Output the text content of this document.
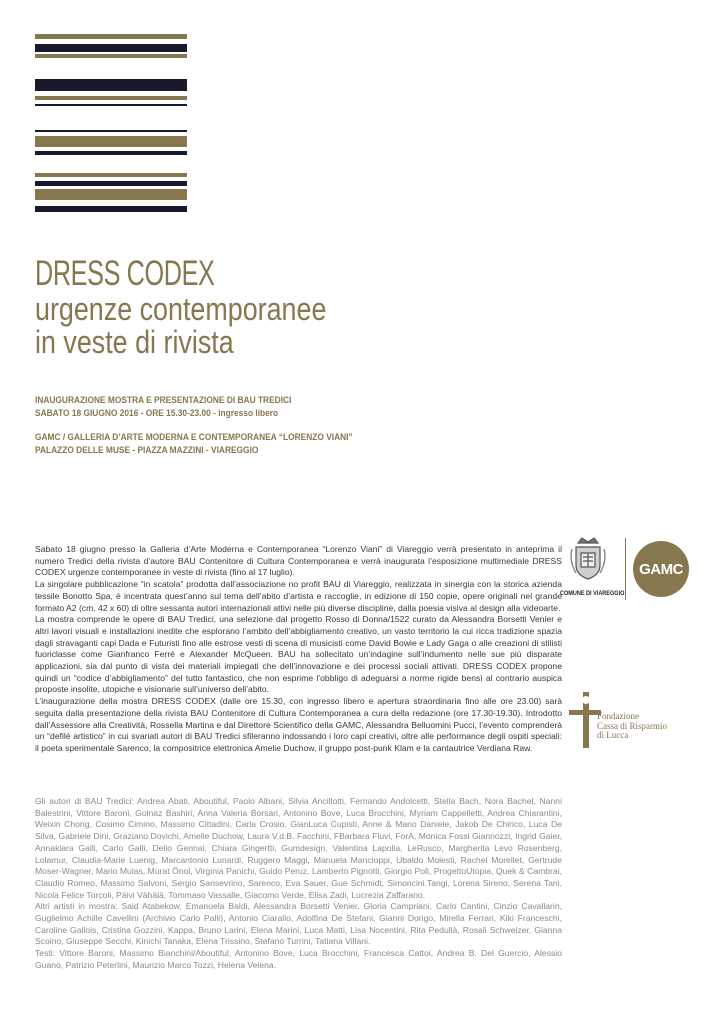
DRESS CODEX
urgenze contemporanee
in veste di rivista
INAUGURAZIONE MOSTRA E PRESENTAZIONE DI BAU TREDICI
SABATO 18 GIUGNO 2016 - ORE 15.30-23.00 - ingresso libero
GAMC / GALLERIA D’ARTE MODERNA E CONTEMPORANEA “LORENZO VIANI”
PALAZZO DELLE MUSE - PIAZZA MAZZINI - VIAREGGIO

Sabato 18 giugno presso la Galleria d’Arte Moderna e Contemporanea “Lorenzo Viani” di Viareggio verrà presentato in anteprima il numero Tredici della rivista d’autore BAU Contenitore di Cultura Contemporanea e verrà inaugurata l’esposizione multimediale DRESS CODEX urgenze contemporanee in veste di rivista (fino al 17 luglio).

La singolare pubblicazione “in scatola” prodotta dall’associazione no profit BAU di Viareggio, realizzata in sinergia con la storica azienda tessile Bonotto Spa, è incentrata quest’anno sul tema dell’abito d’artista e raccoglie, in edizione di 150 copie, opere originali nel grande formato A2 (cm. 42 x 60) di oltre sessanta autori internazionali attivi nelle più diverse discipline, dalla poesia visiva al design alla videoarte.

La mostra comprende le opere di BAU Tredici, una selezione dal progetto Rosso di Donna/1522 curato da Alessandra Borsetti Venier e altri lavori visuali e installazioni inedite che esplorano l’ambito dell’abbigliamento creativo, un vasto territorio la cui ricca tradizione spazia dagli stravaganti capi Dada e Futuristi fino alle estrose vesti di scena di musicisti come David Bowie e Lady Gaga o alle creazioni di stilisti fuoriclasse come Gianfranco Ferré e Alexander McQueen. BAU ha sollecitato un’indagine sull’indumento nelle sue più disparate applicazioni, sia dal punto di vista dei materiali impiegati che dell’innovazione e dei processi sociali attivati. DRESS CODEX propone quindi un “codice d’abbigliamento” del tutto fantastico, che non esprime l’obbligo di adeguarsi a norme rigide bensì al contrario auspica proposte insolite, utopiche e visionarie sull’universo dell’abito.

L’inaugurazione della mostra DRESS CODEX (dalle ore 15.30, con ingresso libero e apertura straordinaria fino alle ore 23.00) sarà seguita dalla presentazione della rivista BAU Contenitore di Cultura Contemporanea a cura della redazione (ore 17.30-19.30). Introdotto dall’Assessore alla Creatività, Rossella Martina e dal Direttore Scientifico della GAMC, Alessandra Belluomini Pucci, l’evento comprenderà un “defilé artistico” in cui svariati autori di BAU Tredici sfileranno indossando i loro capi creativi, oltre alle performance degli ospiti speciali: il poeta sperimentale Sarenco, la compositrice elettronica Amelie Duchow, il gruppo post-punk Klam e la cantautrice Verdiana Raw.

Gli autori di BAU Tredici: Andrea Abati, Aboutiful, Paolo Albani, Silvia Ancillotti, Fernando Andolcetti, Stella Bach, Nora Bachel, Nanni Balestrini, Vittore Baroni, Golnaz Bashiri, Anna Valeria Borsari, Antonino Bove, Luca Brocchini, Myriam Cappelletti, Andrea Chiarantini, Weixin Chong, Cosimo Cimino, Massimo Cittadini, Carla Crosio, GianLuca Cupisti, Anne & Mario Daniele, Jakob De Chirico, Luca De Silva, Gabriele Dini, Graziano Dovichi, Amelie Duchow, Laura V.d.B. Facchini, FBarbara Fluvi, ForA, Monica Fossi Giannozzi, Ingrid Gaier, Annaklara Galli, Carlo Galli, Delio Gennai, Chiara Gingertti, Gumdesign, Valentina Lapolla, LeRusco, Margherita Levo Rosenberg, Lolamur, Claudia-Marie Luenig, Marcantonio Lunardi, Ruggero Maggi, Manuela Mancioppi, Ubaldo Molesti, Rachel Morellet, Gertrude Moser-Wagner, Mario Mulas, Murat Önol, Virginia Panichi, Guido Peruz, Lamberto Pignotti, Giorgio Poli, ProgettoUtopia, Quek & Cambrai, Claudio Romeo, Massimo Salvoni, Sergio Sansevrino, Sarenco, Eva Sauer, Gue Schmidt, Simoncini.Tangi, Lorena Sireno, Serena Tani, Nicola Felice Torcoli, Päivi Vähälä, Tommaso Vassalle, Giacomo Verde, Elisa Zadi, Lucrezia Zaffarano.

Altri artisti in mostra: Said Atabekow, Emanuela Baldi, Alessandra Borsetti Venier, Gloria Campriani, Carlo Cantini, Cinzio Cavallarin, Guglielmo Achille Cavellini (Archivio Carlo Palli), Antonio Ciarallo, Adolfina De Stefani, Gianni Dorigo, Mirella Ferrari, Kiki Franceschi, Caroline Gallois, Cristina Gozzini, Kappa, Bruno Larini, Elena Marini, Luca Matti, Lisa Nocentini, Rita Pedullà, Rosali Schweizer, Gianna Scoino, Giuseppe Secchi, Kinichi Tanaka, Elena Trissino, Stefano Turrini, Tatiana Villani.

Testi: Vittore Baroni, Massimo Bianchini/Aboutiful, Antonino Bove, Luca Brocchini, Francesca Cattoi, Andrea B. Del Guercio, Alessio Guano, Patrizio Peterlini, Maurizio Marco Tozzi, Helena Velena.

COMUNE DI VIAREGGIO
GAMC
Fondazione
Cassa di Risparmio
di Lucca
